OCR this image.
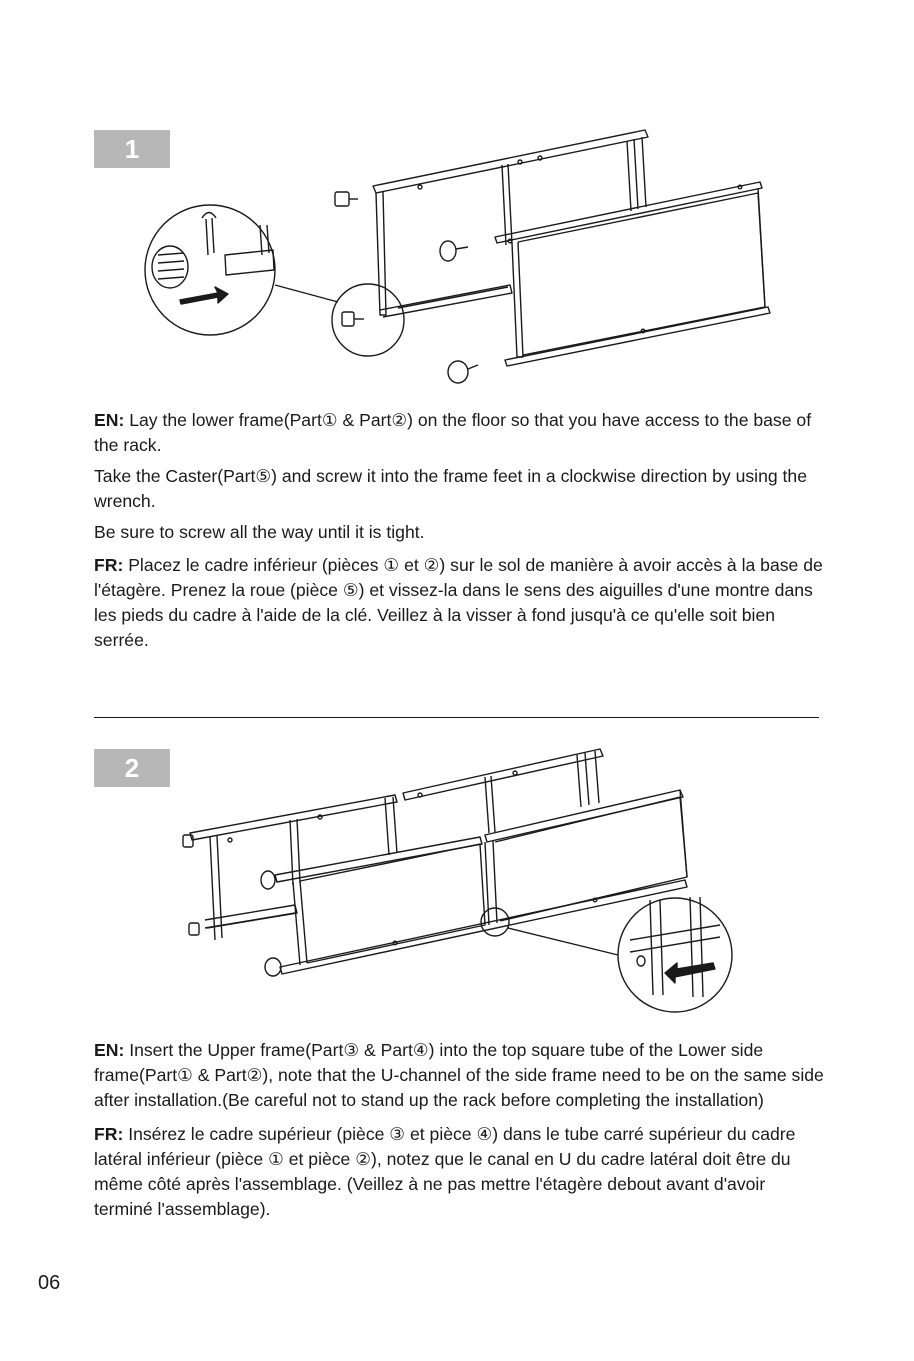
1

EN: Lay the lower frame(Part① & Part②) on the floor so that you have access to the base of the rack.

Take the Caster(Part⑤) and screw it into the frame feet in a clockwise direction by using the wrench.

Be sure to screw all the way until it is tight.

FR: Placez le cadre inférieur (pièces ① et ②) sur le sol de manière à avoir accès à la base de l'étagère. Prenez la roue (pièce ⑤) et vissez-la dans le sens des aiguilles d'une montre dans les pieds du cadre à l'aide de la clé. Veillez à la visser à fond jusqu'à ce qu'elle soit bien serrée.

2

EN: Insert the Upper frame(Part③ & Part④) into the top square tube of the Lower side frame(Part① & Part②), note that the U-channel of the side frame need to be on the same side after installation.(Be careful not to stand up the rack before completing the installation)

FR: Insérez le cadre supérieur (pièce ③ et pièce ④) dans le tube carré supérieur du cadre latéral inférieur (pièce ① et pièce ②), notez que le canal en U du cadre latéral doit être du même côté après l'assemblage. (Veillez à ne pas mettre l'étagère debout avant d'avoir terminé l'assemblage).

06
